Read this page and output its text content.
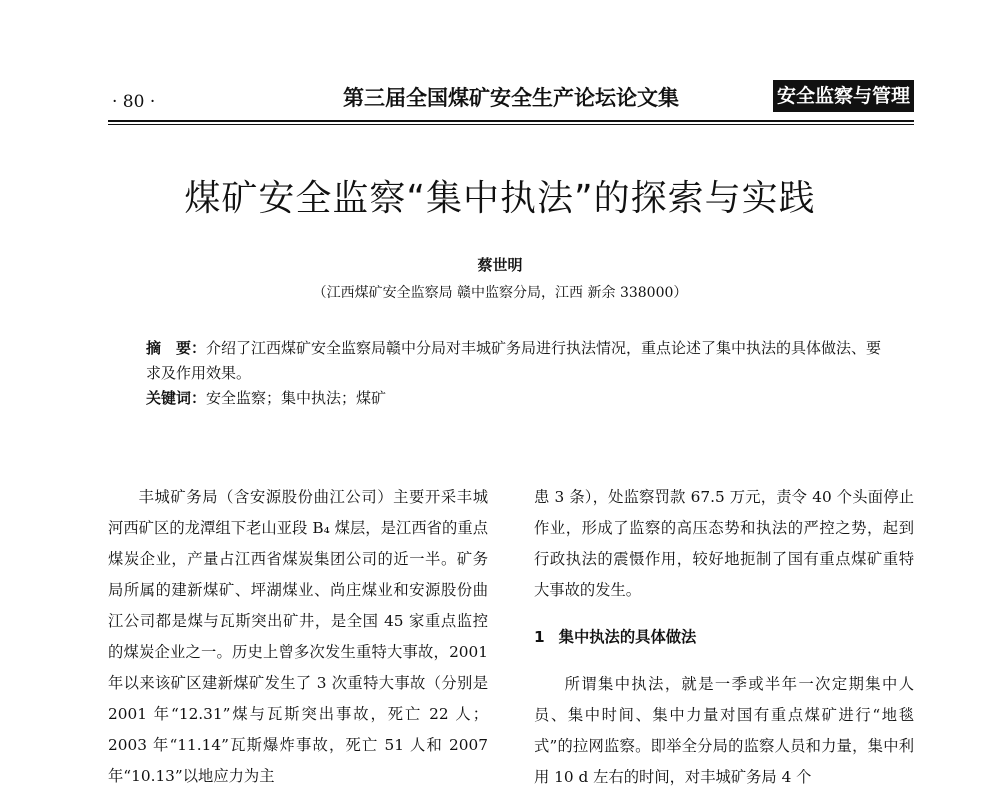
· 80 ·	第三届全国煤矿安全生产论坛论文集	安全监察与管理
煤矿安全监察“集中执法”的探索与实践
蔡世明
（江西煤矿安全监察局 赣中监察分局，江西 新余 338000）
摘　要：介绍了江西煤矿安全监察局赣中分局对丰城矿务局进行执法情况，重点论述了集中执法的具体做法、要求及作用效果。
关键词：安全监察；集中执法；煤矿

丰城矿务局（含安源股份曲江公司）主要开采丰城河西矿区的龙潭组下老山亚段 B₄ 煤层，是江西省的重点煤炭企业，产量占江西省煤炭集团公司的近一半。矿务局所属的建新煤矿、坪湖煤业、尚庄煤业和安源股份曲江公司都是煤与瓦斯突出矿井，是全国 45 家重点监控的煤炭企业之一。历史上曾多次发生重特大事故，2001 年以来该矿区建新煤矿发生了 3 次重特大事故（分别是 2001 年“12.31”煤与瓦斯突出事故，死亡 22 人；2003 年“11.14”瓦斯爆炸事故，死亡 51 人和 2007 年“10.13”以地应力为主

患 3 条），处监察罚款 67.5 万元，责令 40 个头面停止作业，形成了监察的高压态势和执法的严控之势，起到行政执法的震慑作用，较好地扼制了国有重点煤矿重特大事故的发生。

1 集中执法的具体做法

所谓集中执法，就是一季或半年一次定期集中人员、集中时间、集中力量对国有重点煤矿进行“地毯式”的拉网监察。即举全分局的监察人员和力量，集中利用 10 d 左右的时间，对丰城矿务局 4 个
